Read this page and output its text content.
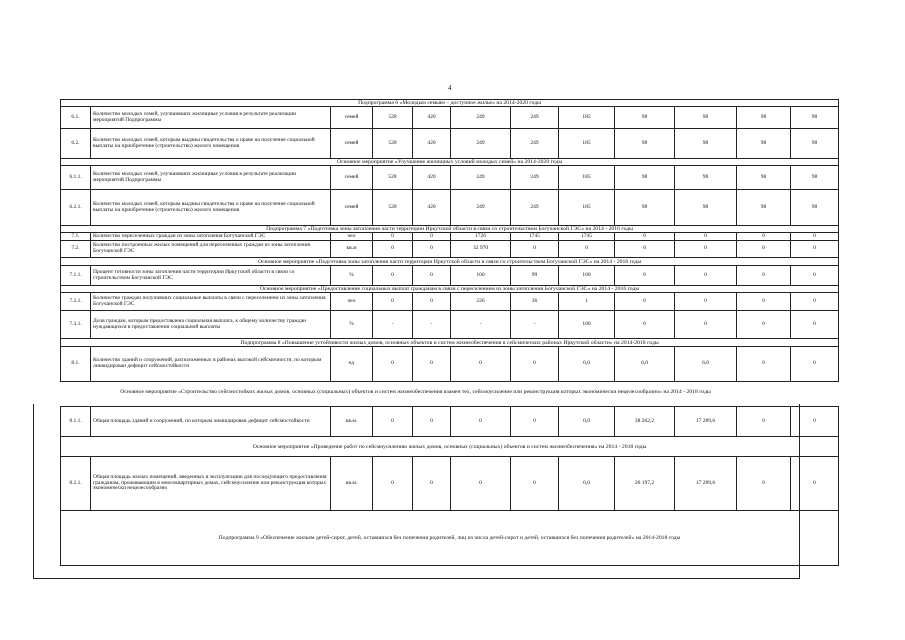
4
Подпрограмма 6 «Молодым семьям – доступное жилье» на 2014-2020 годы											
6.1.	Количество молодых семей, улучшивших жилищные условия в результате реализации мероприятий Подпрограммы	семей	528	420	249	249	185	98	98	98	98
6.2.	Количество молодых семей, которым выданы свидетельства о праве на получение социальной выплаты на приобретение (строительство) жилого помещения	семей	528	420	249	249	185	98	98	98	98
Основное мероприятие «Улучшение жилищных условий молодых семей» на 2014-2020 годы											
6.1.1.	Количество молодых семей, улучшивших жилищные условия в результате реализации мероприятий Подпрограммы	семей	528	420	249	249	185	98	98	98	98
6.2.1.	Количество молодых семей, которым выданы свидетельства о праве на получение социальной выплаты на приобретение (строительство) жилого помещения	семей	528	420	249	249	185	98	98	98	98
Подпрограмма 7 «Подготовка зоны затопления части территории Иркутской области в связи со строительством Богучанской ГЭС» на 2014 - 2016 годы											
7.1.	Количество переселенных граждан из зоны затопления Богучанской ГЭС	чел	0	0	1726	1745	1745	0	0	0	0
7.2.	Количество построенных жилых помещений для переселенных граждан из зоны затопления Богучанской ГЭС	кв.м	0	0	32 970	0	0	0	0	0	0
Основное мероприятие «Подготовка зоны затопления части территории Иркутской области в связи со строительством Богучанской ГЭС» на 2014 - 2016 годы											
7.1.1.	Процент готовности зоны затопления части территории Иркутской области в связи со строительством Богучанской ГЭС	%	0	0	100	99	100	0	0	0	0
Основное мероприятие «Предоставление социальных выплат гражданам в связи с переселением из зоны затопления Богучанской ГЭС» на 2014 - 2016 годы											
7.2.1.	Количество граждан получивших социальные выплаты в связи с переселением из зоны затопления Богучанской ГЭС	чел	0	0	226	36	1	0	0	0	0
7.3.1.	Доля граждан, которым предоставлена социальная выплата, к общему количеству граждан нуждающихся в предоставлении социальной выплаты	%	-	-	-	-	100	0	0	0	0
Подпрограмма 8 «Повышение устойчивости жилых домов, основных объектов и систем жизнеобеспечения в сейсмических районах Иркутской области» на 2014-2018 годы											
8.1.	Количество зданий и сооружений, расположенных в районах высокой сейсмичности, по которым ликвидирован дефицит сейсмостойкости	ед	0	0	0	0	0,0	6,0	6,0	0	0

Основное мероприятие «Строительство сейсмостойких жилых домов, основных (социальных) объектов и систем жизнеобеспечения взамен тех, сейсмоусиление или реконструкция которых экономически нецелесообразно» на 2014 - 2018 годы											

8.1.1.	Общая площадь зданий и сооружений, по которым ликвидирован дефицит сейсмостойкости	кв.м.	0	0	0	0	0,0	38 262,2	17 289,6	0	0
Основное мероприятие «Проведение работ по сейсмоусилению жилых домов, основных (социальных) объектов и систем жизнеобеспечения» на 2014 - 2018 годы											
8.2.1.	Общая площадь жилых помещений, введенных в эксплуатацию для последующего предоставления гражданам, проживающим в многоквартирных домах, сейсмоусиление или реконструкция которых экономически нецелесообразно	кв.м.	0	0	0	0	0,0	20 197,2	17 289,6	0	0
Подпрограмма 9 «Обеспечение жильем детей-сирот, детей, оставшихся без попечения родителей, лиц из числа детей-сирот и детей, оставшихся без попечения родителей» на 2014-2018 годы											
